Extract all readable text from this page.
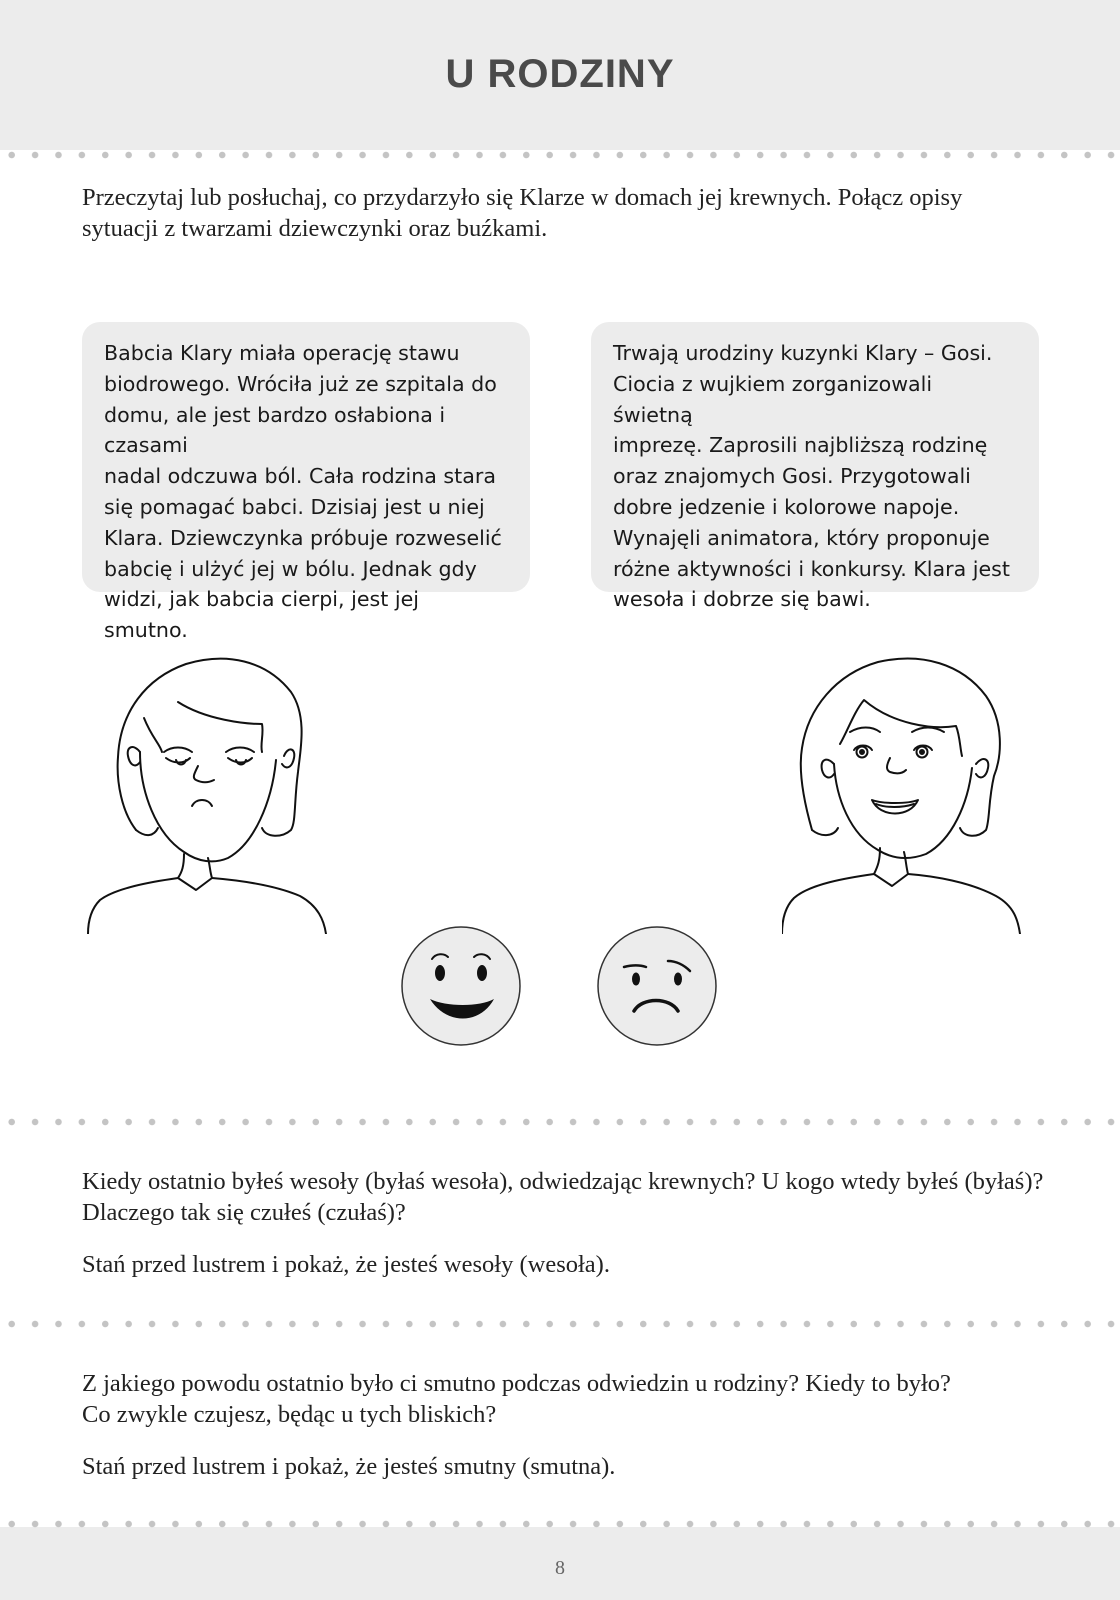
U RODZINY

Przeczytaj lub posłuchaj, co przydarzyło się Klarze w domach jej krewnych. Połącz opisy
sytuacji z twarzami dziewczynki oraz buźkami.

Babcia Klary miała operację stawu
biodrowego. Wróciła już ze szpitala do
domu, ale jest bardzo osłabiona i czasami
nadal odczuwa ból. Cała rodzina stara
się pomagać babci. Dzisiaj jest u niej
Klara. Dziewczynka próbuje rozweselić
babcię i ulżyć jej w bólu. Jednak gdy
widzi, jak babcia cierpi, jest jej smutno.
Trwają urodziny kuzynki Klary – Gosi.
Ciocia z wujkiem zorganizowali świetną
imprezę. Zaprosili najbliższą rodzinę
oraz znajomych Gosi. Przygotowali
dobre jedzenie i kolorowe napoje.
Wynajęli animatora, który proponuje
różne aktywności i konkursy. Klara jest
wesoła i dobrze się bawi.

Kiedy ostatnio byłeś wesoły (byłaś wesoła), odwiedzając krewnych? U kogo wtedy byłeś (byłaś)?
Dlaczego tak się czułeś (czułaś)?

Stań przed lustrem i pokaż, że jesteś wesoły (wesoła).

Z jakiego powodu ostatnio było ci smutno podczas odwiedzin u rodziny? Kiedy to było?
Co zwykle czujesz, będąc u tych bliskich?

Stań przed lustrem i pokaż, że jesteś smutny (smutna).

8
